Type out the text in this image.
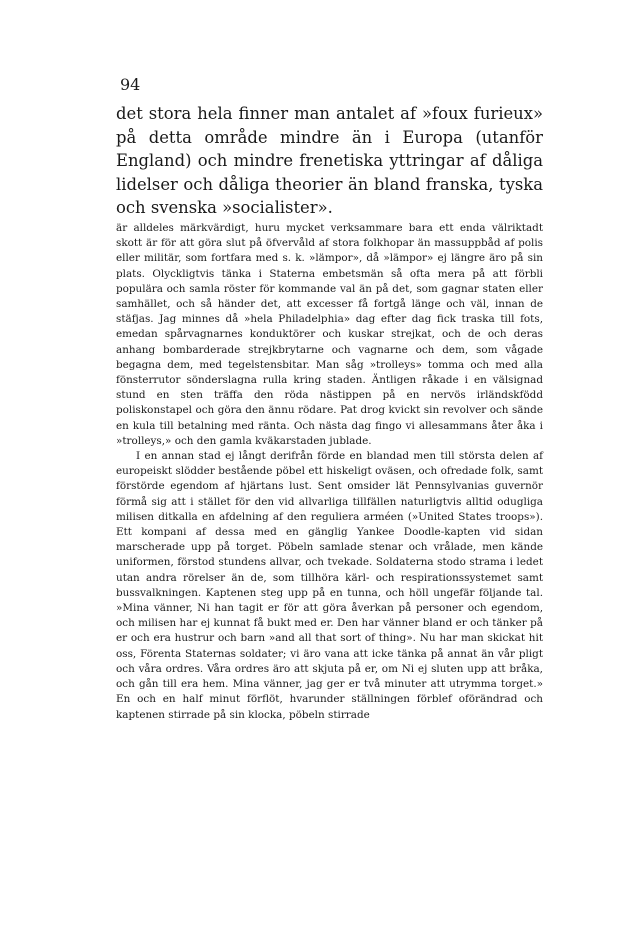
94
det stora hela finner man antalet af »foux furieux» på detta område mindre än i Europa (utanför England) och mindre frenetiska yttringar af dåliga lidelser och dåliga theorier än bland franska, tyska och svenska »socialister».

är alldeles märkvärdigt, huru mycket verksammare bara ett enda välriktadt skott är för att göra slut på öfvervåld af stora folkhopar än massuppbåd af polis eller militär, som fortfara med s. k. »lämpor», då »lämpor» ej längre äro på sin plats. Olyckligtvis tänka i Staterna embetsmän så ofta mera på att förbli populära och samla röster för kommande val än på det, som gagnar staten eller samhället, och så händer det, att excesser få fortgå länge och väl, innan de stäfjas. Jag minnes då »hela Philadelphia» dag efter dag fick traska till fots, emedan spårvagnarnes konduktörer och kuskar strejkat, och de och deras anhang bombarderade strejkbrytarne och vagnarne och dem, som vågade begagna dem, med tegelstensbitar. Man såg »trolleys» tomma och med alla fönsterrutor sönderslagna rulla kring staden. Äntligen råkade i en välsignad stund en sten träffa den röda nästippen på en nervös irländskfödd poliskonstapel och göra den ännu rödare. Pat drog kvickt sin revolver och sände en kula till betalning med ränta. Och nästa dag fingo vi allesammans åter åka i »trolleys,» och den gamla kväkarstaden jublade.

I en annan stad ej långt derifrån förde en blandad men till största delen af europeiskt slödder bestående pöbel ett hiskeligt oväsen, och ofredade folk, samt förstörde egendom af hjärtans lust. Sent omsider lät Pennsylvanias guvernör förmå sig att i stället för den vid allvarliga tillfällen naturligtvis alltid odugliga milisen ditkalla en afdelning af den reguliera arméen (»United States troops»). Ett kompani af dessa med en gänglig Yankee Doodle-kapten vid sidan marscherade upp på torget. Pöbeln samlade stenar och vrålade, men kände uniformen, förstod stundens allvar, och tvekade. Soldaterna stodo strama i ledet utan andra rörelser än de, som tillhöra kärl- och respirationssystemet samt bussvalkningen. Kaptenen steg upp på en tunna, och höll ungefär följande tal. »Mina vänner, Ni han tagit er för att göra åverkan på personer och egendom, och milisen har ej kunnat få bukt med er. Den har vänner bland er och tänker på er och era hustrur och barn »and all that sort of thing». Nu har man skickat hit oss, Förenta Staternas soldater; vi äro vana att icke tänka på annat än vår pligt och våra ordres. Våra ordres äro att skjuta på er, om Ni ej sluten upp att bråka, och gån till era hem. Mina vänner, jag ger er två minuter att utrymma torget.» En och en half minut förflöt, hvarunder ställningen förblef oförändrad och kaptenen stirrade på sin klocka, pöbeln stirrade
